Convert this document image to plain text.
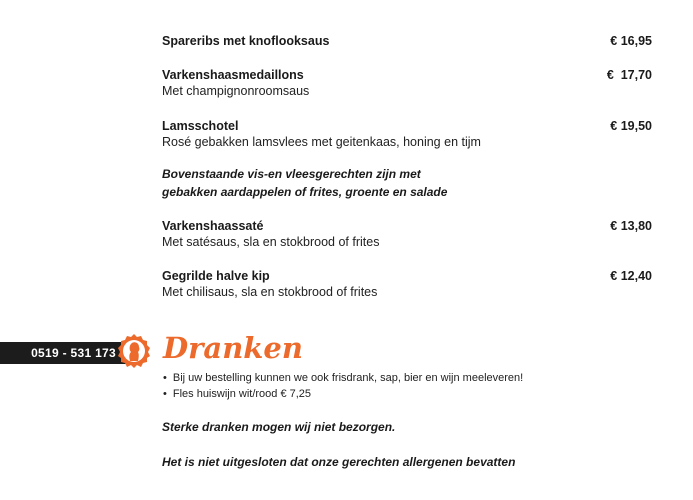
Spareribs met knoflooksaus	€ 16,95
Varkenshaasmedaillons
Met champignonroomsaus
€  17,70
Lamsschotel
Rosé gebakken lamsvlees met geitenkaas, honing en tijm
€ 19,50
Bovenstaande vis-en vleesgerechten zijn met
gebakken aardappelen of frites, groente en salade
Varkenshaassaté
Met satésaus, sla en stokbrood of frites
€ 13,80
Gegrilde halve kip
Met chilisaus, sla en stokbrood of frites
€ 12,40
0519 - 531 173	Dranken
• Bij uw bestelling kunnen we ook frisdrank, sap, bier en wijn meeleveren!
• Fles huiswijn wit/rood € 7,25
Sterke dranken mogen wij niet bezorgen.
Het is niet uitgesloten dat onze gerechten allergenen bevatten
